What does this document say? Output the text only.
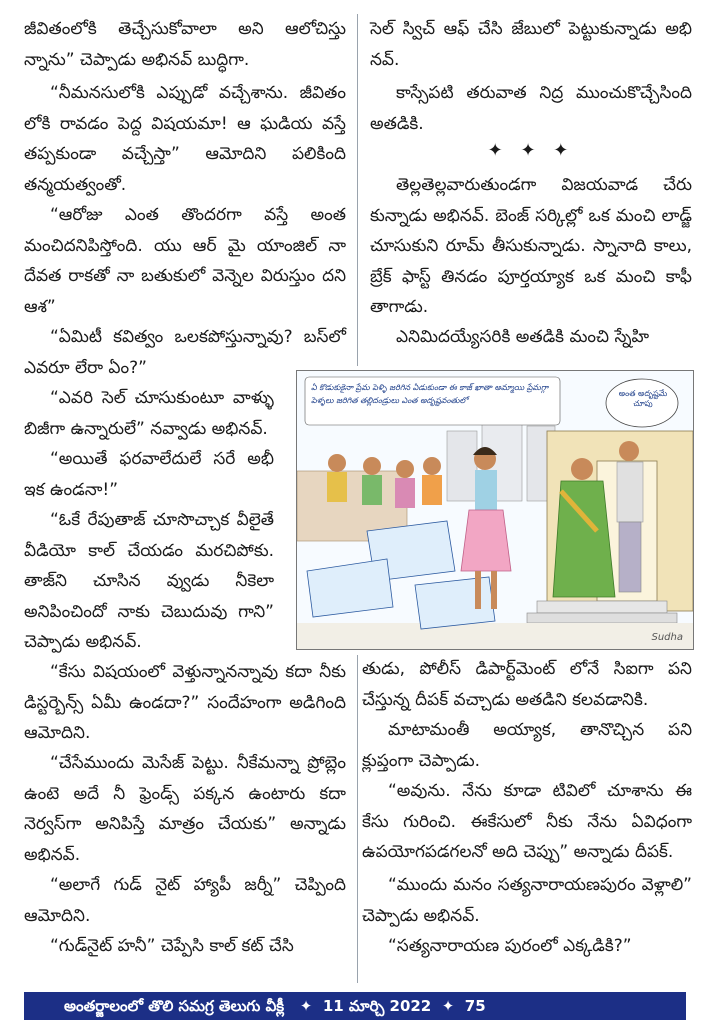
జీవితంలోకి తెచ్చేసుకోవాలా అని ఆలోచిస్తు న్నాను” చెప్పాడు అభినవ్ బుద్ధిగా.

“నీమనసులోకి ఎప్పుడో వచ్చేశాను. జీవితం లోకి రావడం పెద్ద విషయమా! ఆ ఘడియ వస్తే తప్పకుండా వచ్చేస్తా” ఆమోదిని పలికింది తన్మయత్వంతో.

“ఆరోజు ఎంత తొందరగా వస్తే అంత మంచిదనిపిస్తోంది. యు ఆర్ మై యాంజిల్ నా దేవత రాకతో నా బతుకులో వెన్నెల విరుస్తుం దని ఆశ”

“ఏమిటీ కవిత్వం ఒలకపోస్తున్నావు? బస్‌లో ఎవరూ లేరా ఏం?”

“ఎవరి సెల్ చూసుకుంటూ వాళ్ళు బిజీగా ఉన్నారులే” నవ్వాడు అభినవ్.

“అయితే ఫరవాలేదులే సరే అభీ ఇక ఉండనా!”

“ఓకే రేపుతాజ్ చూసొచ్చాక వీలైతే వీడియో కాల్ చేయడం మరచిపోకు. తాజ్‌ని చూసిన వ్వుడు నీకెలా అనిపించిందో నాకు చెబుదువు గాని” చెప్పాడు అభినవ్.

“కేసు విషయంలో వెళ్తున్నానన్నావు కదా నీకు డిస్టర్బెన్స్ ఏమీ ఉండదా?” సందేహంగా అడిగింది ఆమోదిని.

“చేసేముందు మెసేజ్ పెట్టు. నీకేమన్నా ప్రోబ్లెం ఉంటె అదే నీ ఫ్రెండ్స్ పక్కన ఉంటారు కదా నెర్వస్‌గా అనిపిస్తే మాత్రం చేయకు” అన్నాడు అభినవ్.

“అలాగే గుడ్ నైట్ హ్యాపీ జర్నీ” చెప్పింది ఆమోదిని.

“గుడ్‌నైట్ హనీ” చెప్పేసి కాల్ కట్ చేసి

సెల్ స్విచ్ ఆఫ్ చేసి జేబులో పెట్టుకున్నాడు అభి నవ్.

కాస్సేపటి తరువాత నిద్ర ముంచుకొచ్చేసింది అతడికి.

✦ ✦ ✦

తెల్లతెల్లవారుతుండగా విజయవాడ చేరు కున్నాడు అభినవ్. బెంజ్ సర్కిల్లో ఒక మంచి లాడ్జ్ చూసుకుని రూమ్ తీసుకున్నాడు. స్నానాది కాలు, బ్రేక్ ఫాస్ట్ తినడం పూర్తయ్యాక ఒక మంచి కాఫీ తాగాడు.

ఎనిమిదయ్యేసరికి అతడికి మంచి స్నేహి

ఏ కొడుకుకైనా ప్రేమ పెళ్ళి జరిగిన ఏడుకుండా ఈ కాజ్ ఖాతా అమ్మాయి ప్రేమగ్గా పెళ్ళలు జరిగిత తల్లిదండ్రులు ఎంత అదృష్టవంతులో
అంత అదృష్టమే చూపు
Sudha

తుడు, పోలీస్ డిపార్ట్‌మెంట్ లోనే సిఐగా పని చేస్తున్న దీపక్ వచ్చాడు అతడిని కలవడానికి.

మాటామంతీ అయ్యాక, తానొచ్చిన పని క్లుప్తంగా చెప్పాడు.

“అవును. నేను కూడా టివిలో చూశాను ఈ కేసు గురించి. ఈకేసులో నీకు నేను ఏవిధంగా ఉపయోగపడగలనో అది చెప్పు” అన్నాడు దీపక్.

“ముందు మనం సత్యనారాయణపురం వెళ్లాలి” చెప్పాడు అభినవ్.

“సత్యనారాయణ పురంలో ఎక్కడికి?”

అంతర్జాలంలో తొలి సమగ్ర తెలుగు వీక్లీ ✦ 11 మార్చి 2022 ✦ 75
